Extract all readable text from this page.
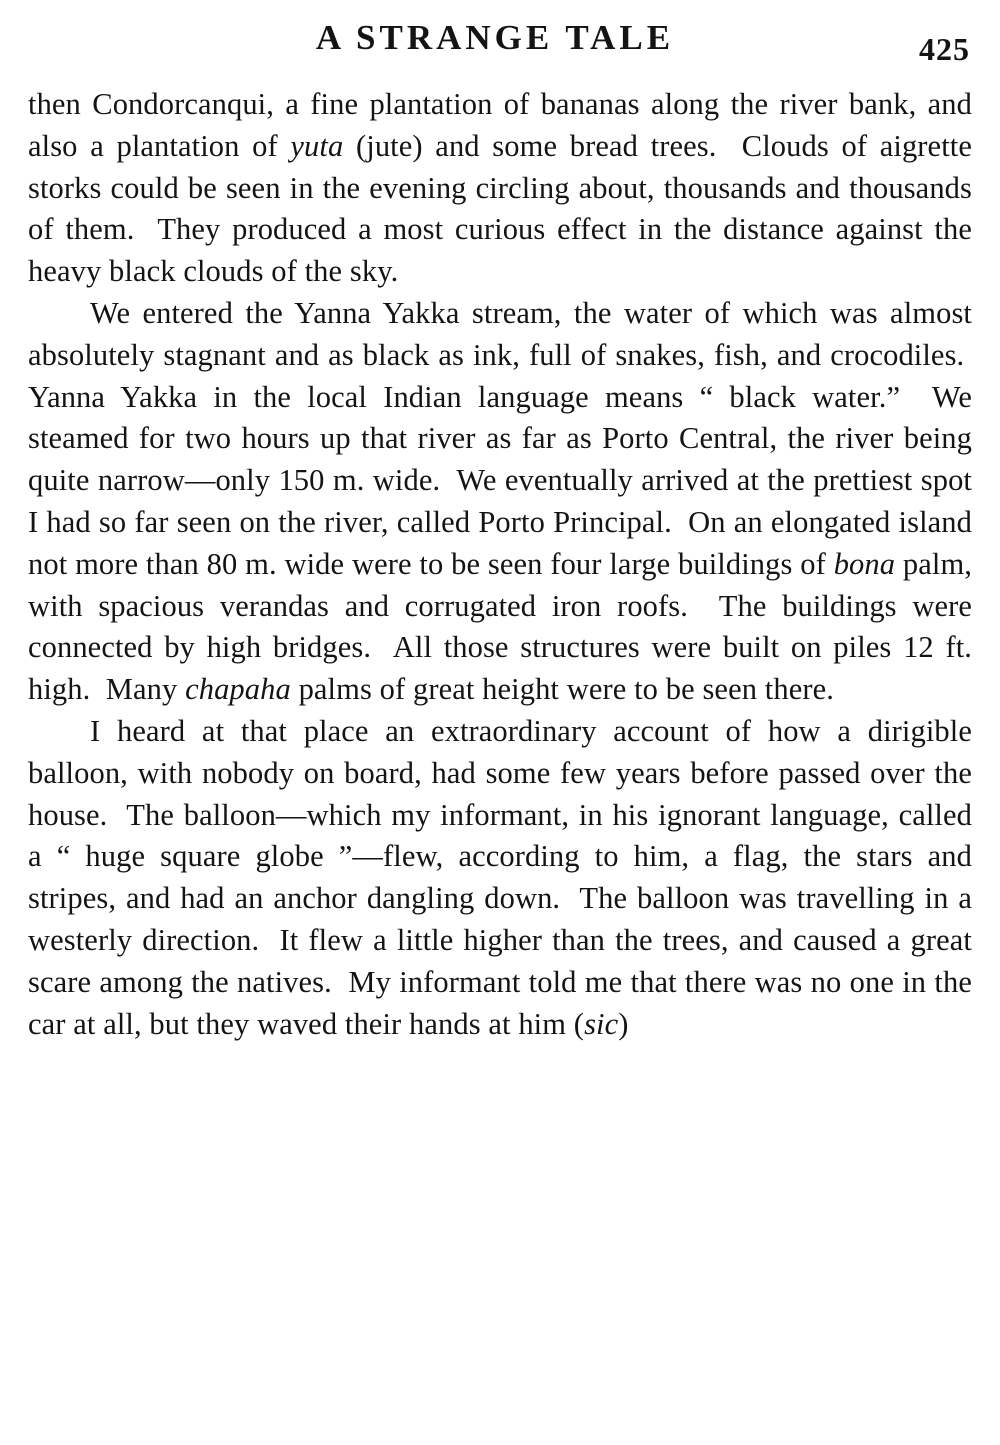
A STRANGE TALE	425

then Condorcanqui, a fine plantation of bananas along the river bank, and also a plantation of yuta (jute) and some bread trees.  Clouds of aigrette storks could be seen in the evening circling about, thousands and thousands of them.  They produced a most curious effect in the distance against the heavy black clouds of the sky.

We entered the Yanna Yakka stream, the water of which was almost absolutely stagnant and as black as ink, full of snakes, fish, and crocodiles.  Yanna Yakka in the local Indian language means “ black water.”  We steamed for two hours up that river as far as Porto Central, the river being quite narrow—only 150 m. wide.  We eventually arrived at the prettiest spot I had so far seen on the river, called Porto Principal.  On an elongated island not more than 80 m. wide were to be seen four large buildings of bona palm, with spacious verandas and corrugated iron roofs.  The buildings were connected by high bridges.  All those structures were built on piles 12 ft. high.  Many chapaha palms of great height were to be seen there.

I heard at that place an extraordinary account of how a dirigible balloon, with nobody on board, had some few years before passed over the house.  The balloon—which my informant, in his ignorant language, called a “ huge square globe ”—flew, according to him, a flag, the stars and stripes, and had an anchor dangling down.  The balloon was travelling in a westerly direction.  It flew a little higher than the trees, and caused a great scare among the natives.  My informant told me that there was no one in the car at all, but they waved their hands at him (sic)
